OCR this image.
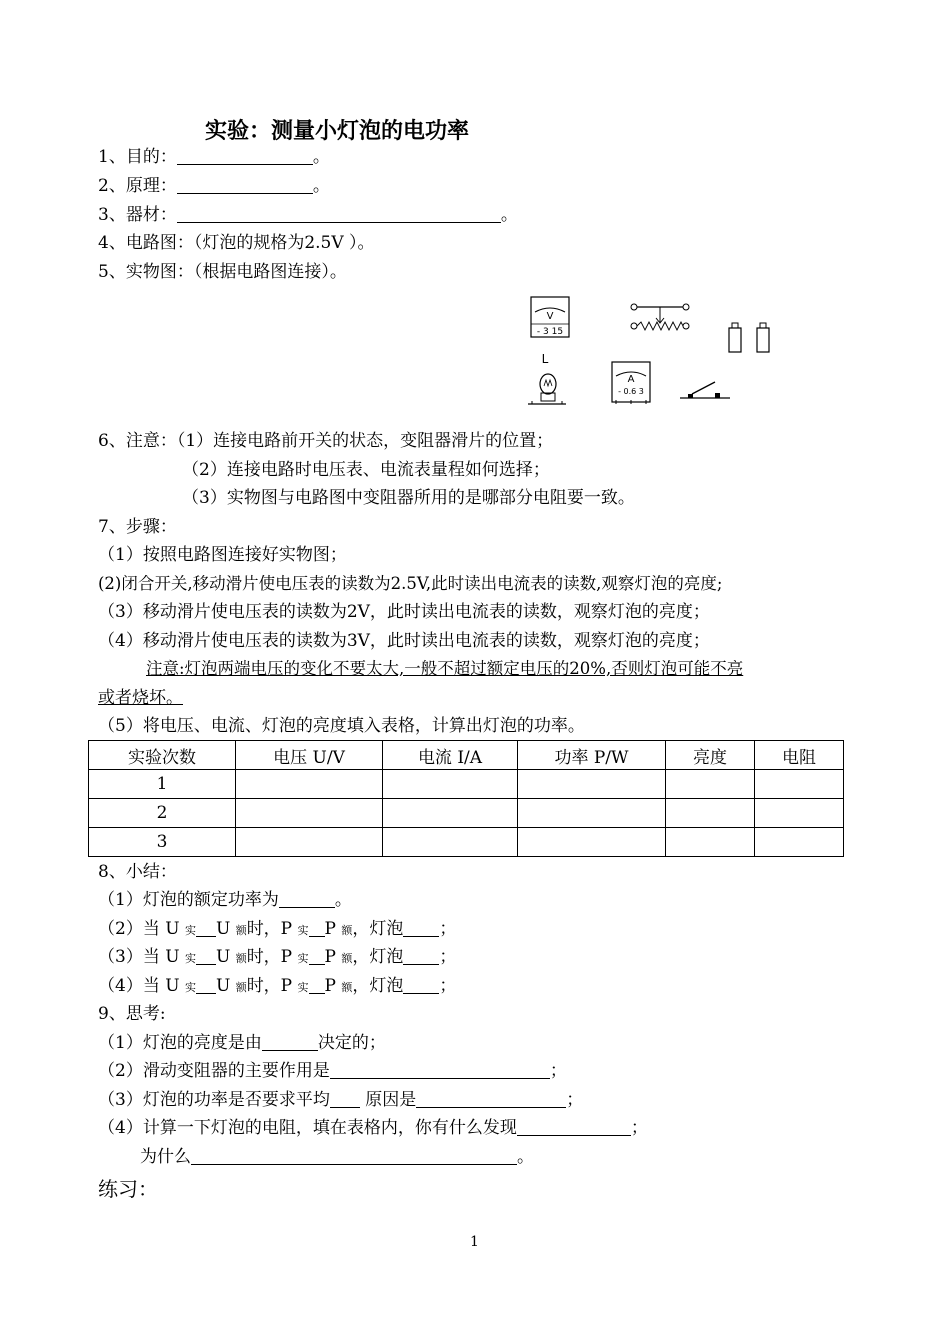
实验：测量小灯泡的电功率
1、目的：	。
2、原理：	。
3、器材：	。
4、电路图：（灯泡的规格为2.5V ）。
5、实物图：（根据电路图连接）。
V
- 3 15
L
A
- 0.6 3
6、注意：（1）连接电路前开关的状态，变阻器滑片的位置；
（2）连接电路时电压表、电流表量程如何选择；
（3）实物图与电路图中变阻器所用的是哪部分电阻要一致。
7、步骤：
（1）按照电路图连接好实物图；
(2)闭合开关,移动滑片使电压表的读数为2.5V,此时读出电流表的读数,观察灯泡的亮度;
（3）移动滑片使电压表的读数为2V，此时读出电流表的读数，观察灯泡的亮度；
（4）移动滑片使电压表的读数为3V，此时读出电流表的读数，观察灯泡的亮度；
注意:灯泡两端电压的变化不要太大,一般不超过额定电压的20%,否则灯泡可能不亮
或者烧坏。
（5）将电压、电流、灯泡的亮度填入表格，计算出灯泡的功率。
实验次数	电压 U/V	电流 I/A	功率 P/W	亮度	电阻
1					
2					
3					
8、小结：
（1）灯泡的额定功率为	。
（2）当 U 实 U 额时，P 实 P 额，灯泡 ；
（3）当 U 实 U 额时，P 实 P 额，灯泡 ；
（4）当 U 实 U 额时，P 实 P 额，灯泡 ；
9、思考:
（1）灯泡的亮度是由	决定的；
（2）滑动变阻器的主要作用是	；
（3）灯泡的功率是否要求平均 原因是	；
（4）计算一下灯泡的电阻，填在表格内，你有什么发现	；
为什么	。
练习：
1
